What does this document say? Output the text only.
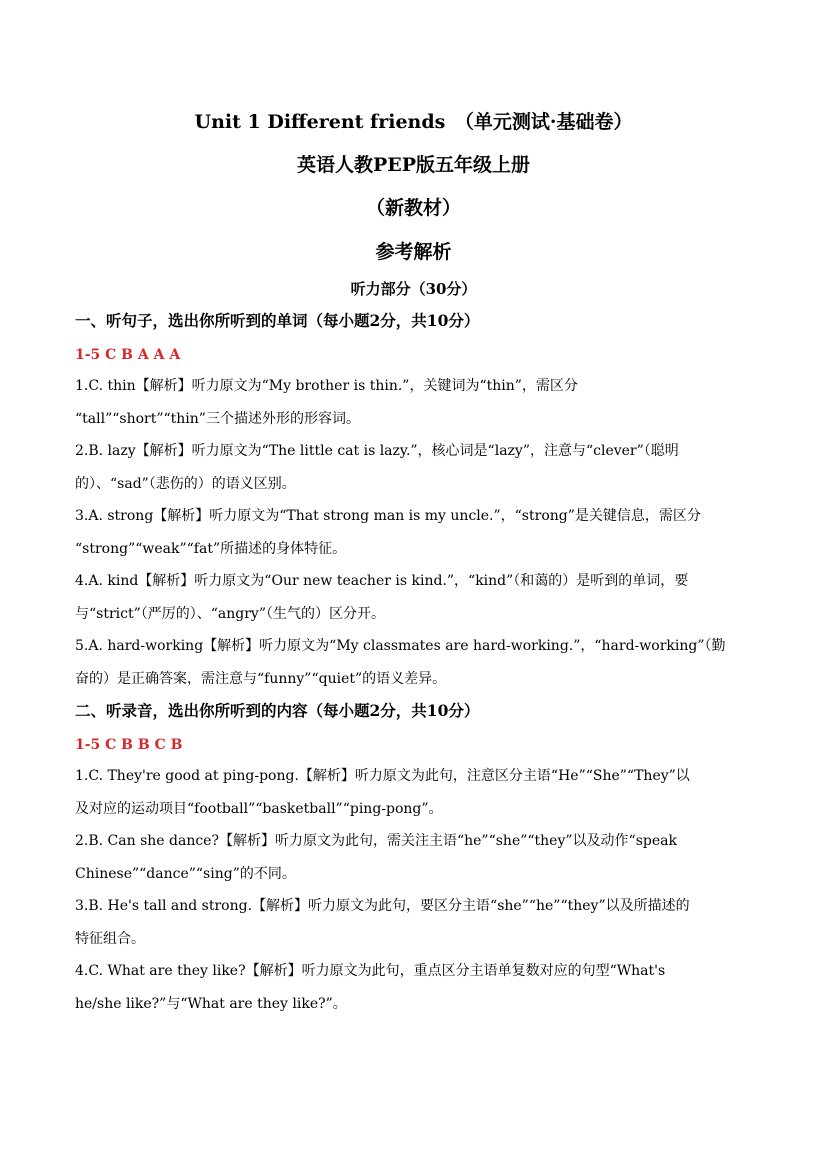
Unit 1 Different friends　（单元测试·基础卷）
英语人教PEP版五年级上册
（新教材）
参考解析
听力部分（30分）
一、听句子，选出你所听到的单词（每小题2分，共10分）
1-5 C B A A A
1.C. thin【解析】听力原文为“My brother is thin.”，关键词为“thin”，需区分
“tall”“short”“thin”三个描述外形的形容词。
2.B. lazy【解析】听力原文为“The little cat is lazy.”，核心词是“lazy”，注意与“clever”（聪明
的）、“sad”（悲伤的）的语义区别。
3.A. strong【解析】听力原文为“That strong man is my uncle.”，“strong”是关键信息，需区分
“strong”“weak”“fat”所描述的身体特征。
4.A. kind【解析】听力原文为“Our new teacher is kind.”，“kind”（和蔼的）是听到的单词，要
与“strict”（严厉的）、“angry”（生气的）区分开。
5.A. hard-working【解析】听力原文为“My classmates are hard-working.”，“hard-working”（勤
奋的）是正确答案，需注意与“funny”“quiet”的语义差异。
二、听录音，选出你所听到的内容（每小题2分，共10分）
1-5 C B B C B
1.C. They're good at ping-pong.【解析】听力原文为此句，注意区分主语“He”“She”“They”以
及对应的运动项目“football”“basketball”“ping-pong”。
2.B. Can she dance?【解析】听力原文为此句，需关注主语“he”“she”“they”以及动作“speak
Chinese”“dance”“sing”的不同。
3.B. He's tall and strong.【解析】听力原文为此句，要区分主语“she”“he”“they”以及所描述的
特征组合。
4.C. What are they like?【解析】听力原文为此句，重点区分主语单复数对应的句型“What's
he/she like?”与“What are they like?”。
